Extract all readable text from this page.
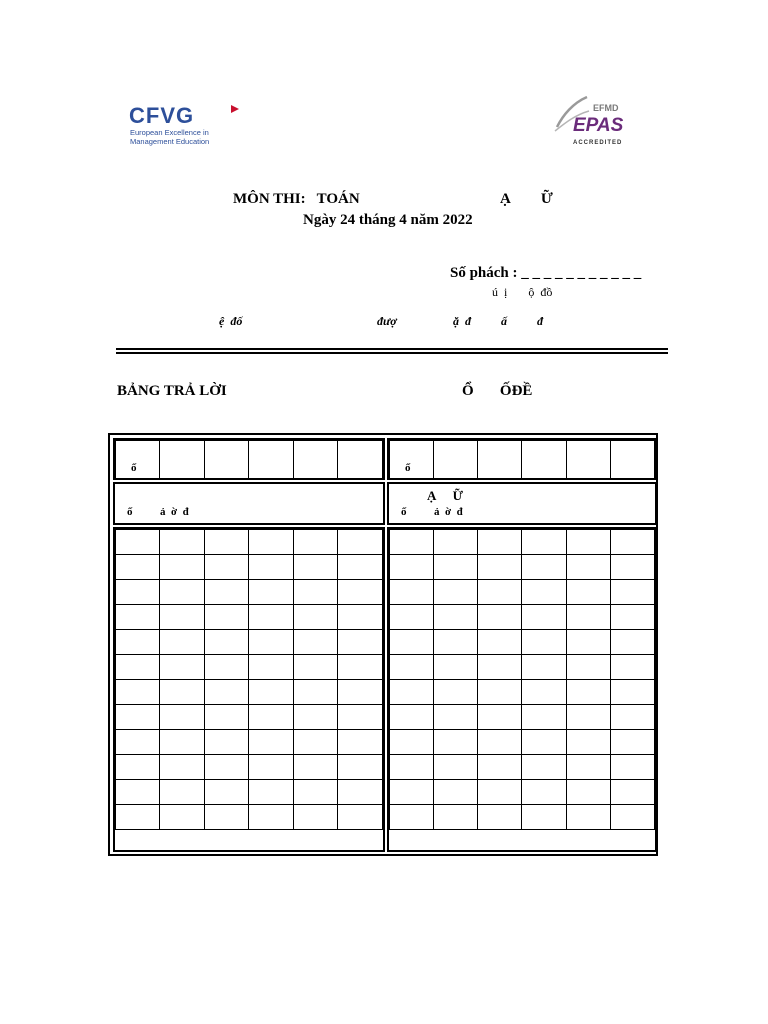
CFVG
European Excellence in
Management Education
EFMD
EPAS
ACCREDITED
MÔN THI:   TOÁN	Ạ        Ữ
Ngày 24 tháng 4 năm 2022
Số phách : _ _ _ _ _ _ _ _ _ _ _
ú  ị       ộ  đồ
ệ  đố	đượ	ặ  đ          ấ          đ
BẢNG TRẢ LỜI	Ổ       ỐĐỀ

ố
ố          ả  ờ  đ

ố
Ạ     Ữ
ố          ả  ờ  đ
